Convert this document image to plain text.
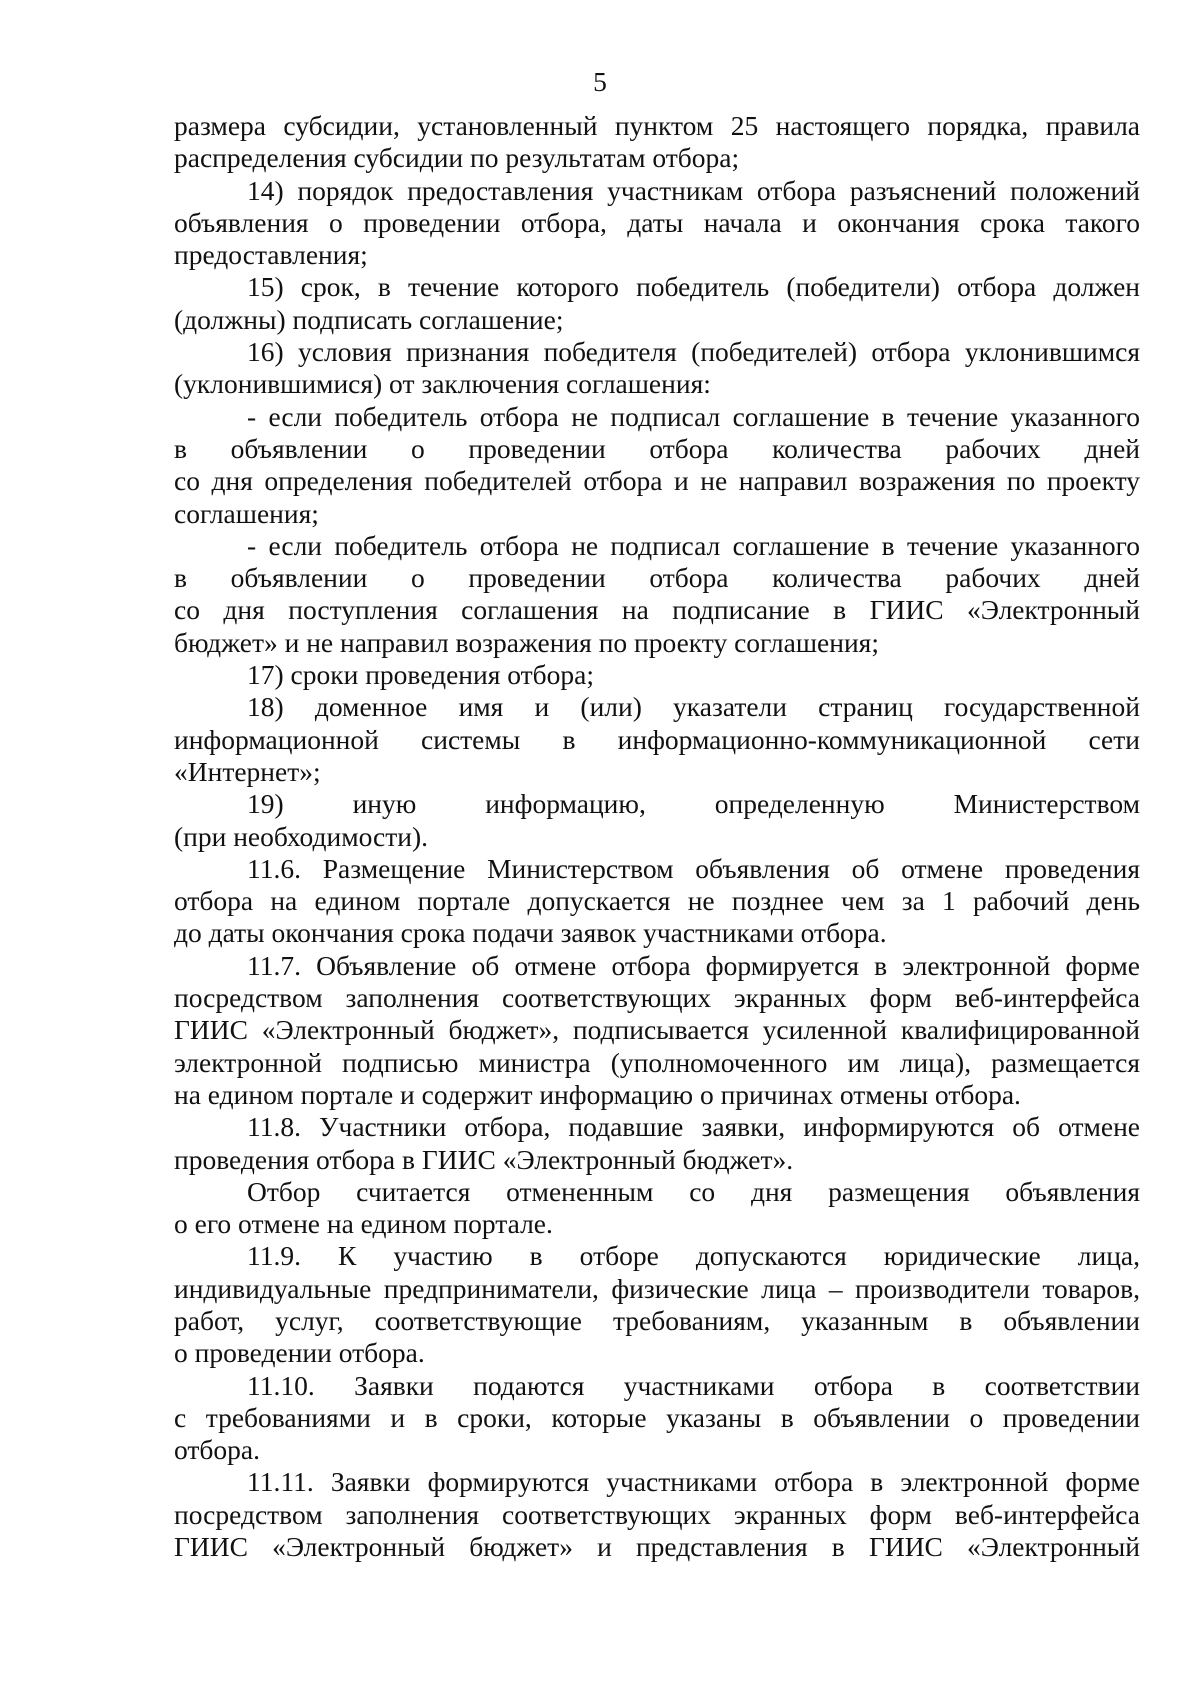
5
размера субсидии, установленный пунктом 25 настоящего порядка, правила
распределения субсидии по результатам отбора;
14) порядок предоставления участникам отбора разъяснений положений
объявления о проведении отбора, даты начала и окончания срока такого
предоставления;
15) срок, в течение которого победитель (победители) отбора должен
(должны) подписать соглашение;
16) условия признания победителя (победителей) отбора уклонившимся
(уклонившимися) от заключения соглашения:
- если победитель отбора не подписал соглашение в течение указанного
в объявлении о проведении отбора количества рабочих дней
со дня определения победителей отбора и не направил возражения по проекту
соглашения;
- если победитель отбора не подписал соглашение в течение указанного
в объявлении о проведении отбора количества рабочих дней
со дня поступления соглашения на подписание в ГИИС «Электронный
бюджет» и не направил возражения по проекту соглашения;
17) сроки проведения отбора;
18) доменное имя и (или) указатели страниц государственной
информационной системы в информационно-коммуникационной сети
«Интернет»;
19) иную информацию, определенную Министерством
(при необходимости).
11.6. Размещение Министерством объявления об отмене проведения
отбора на едином портале допускается не позднее чем за 1 рабочий день
до даты окончания срока подачи заявок участниками отбора.
11.7. Объявление об отмене отбора формируется в электронной форме
посредством заполнения соответствующих экранных форм веб-интерфейса
ГИИС «Электронный бюджет», подписывается усиленной квалифицированной
электронной подписью министра (уполномоченного им лица), размещается
на едином портале и содержит информацию о причинах отмены отбора.
11.8. Участники отбора, подавшие заявки, информируются об отмене
проведения отбора в ГИИС «Электронный бюджет».
Отбор считается отмененным со дня размещения объявления
о его отмене на едином портале.
11.9. К участию в отборе допускаются юридические лица,
индивидуальные предприниматели, физические лица – производители товаров,
работ, услуг, соответствующие требованиям, указанным в объявлении
о проведении отбора.
11.10. Заявки подаются участниками отбора в соответствии
с требованиями и в сроки, которые указаны в объявлении о проведении
отбора.
11.11. Заявки формируются участниками отбора в электронной форме
посредством заполнения соответствующих экранных форм веб-интерфейса
ГИИС «Электронный бюджет» и представления в ГИИС «Электронный
